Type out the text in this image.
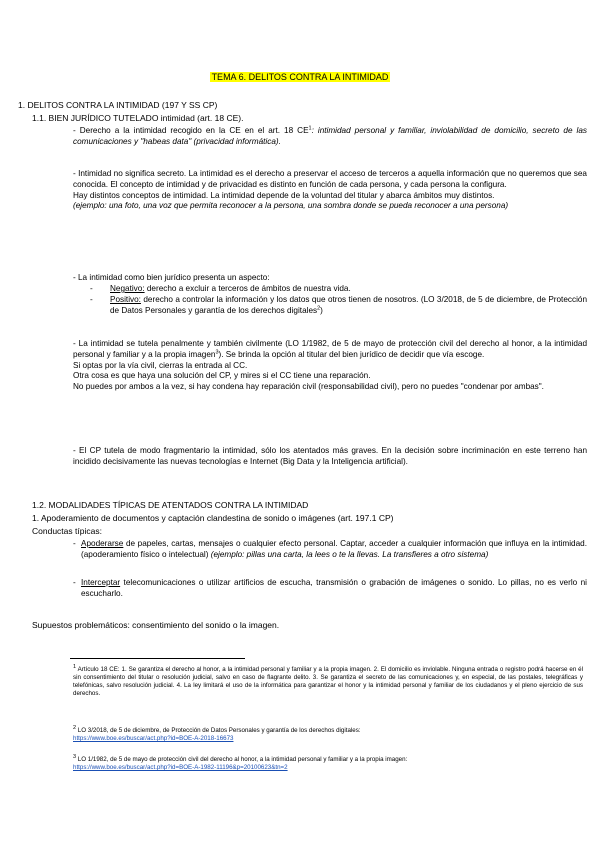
TEMA 6. DELITOS CONTRA LA INTIMIDAD
1. DELITOS CONTRA LA INTIMIDAD (197 Y SS CP)
1.1. BIEN JURÍDICO TUTELADO intimidad (art. 18 CE).

- Derecho a la intimidad recogido en la CE en el art. 18 $CE^1$: intimidad personal y familiar, inviolabilidad de domicilio, secreto de las comunicaciones y "habeas data" (privacidad informática).

- Intimidad no significa secreto. La intimidad es el derecho a preservar el acceso de terceros a aquella información que no queremos que sea conocida. El concepto de intimidad y de privacidad es distinto en función de cada persona, y cada persona la configura.

Hay distintos conceptos de intimidad. La intimidad depende de la voluntad del titular y abarca ámbitos muy distintos.

(ejemplo: una foto, una voz que permita reconocer a la persona, una sombra donde se pueda reconocer a una persona)

- La intimidad como bien jurídico presenta un aspecto:

-	Negativo: derecho a excluir a terceros de ámbitos de nuestra vida.
-	Positivo: derecho a controlar la información y los datos que otros tienen de nosotros. (LO 3/2018, de 5 de diciembre, de Protección de Datos Personales y garantía de los derechos digitales$^2$)

- La intimidad se tutela penalmente y también civilmente (LO 1/1982, de 5 de mayo de protección civil del derecho al honor, a la intimidad personal y familiar y a la propia imagen$^3$). Se brinda la opción al titular del bien jurídico de decidir que vía escoge.

Si optas por la vía civil, cierras la entrada al CC.

Otra cosa es que haya una solución del CP, y mires si el CC tiene una reparación.

No puedes por ambos a la vez, si hay condena hay reparación civil (responsabilidad civil), pero no puedes "condenar por ambas".

- El CP tutela de modo fragmentario la intimidad, sólo los atentados más graves. En la decisión sobre incriminación en este terreno han incidido decisivamente las nuevas tecnologías e Internet (Big Data y la Inteligencia artificial).

1.2. MODALIDADES TÍPICAS DE ATENTADOS CONTRA LA INTIMIDAD
1. Apoderamiento de documentos y captación clandestina de sonido o imágenes (art. 197.1 CP)
Conductas típicas:
- Apoderarse de papeles, cartas, mensajes o cualquier efecto personal. Captar, acceder a cualquier información que influya en la intimidad. (apoderamiento físico o intelectual) (ejemplo: pillas una carta, la lees o te la llevas. La transfieres a otro sistema)
- Interceptar telecomunicaciones o utilizar artificios de escucha, transmisión o grabación de imágenes o sonido. Lo pillas, no es verlo ni escucharlo.
Supuestos problemáticos: consentimiento del sonido o la imagen.
$^1$ Artículo 18 CE: 1. Se garantiza el derecho al honor, a la intimidad personal y familiar y a la propia imagen. 2. El domicilio es inviolable. Ninguna entrada o registro podrá hacerse en él sin consentimiento del titular o resolución judicial, salvo en caso de flagrante delito. 3. Se garantiza el secreto de las comunicaciones y, en especial, de las postales, telegráficas y telefónicas, salvo resolución judicial. 4. La ley limitará el uso de la informática para garantizar el honor y la intimidad personal y familiar de los ciudadanos y el pleno ejercicio de sus derechos.
$^2$ LO 3/2018, de 5 de diciembre, de Protección de Datos Personales y garantía de los derechos digitales:
https://www.boe.es/buscar/act.php?id=BOE-A-2018-16673
$^3$ LO 1/1982, de 5 de mayo de protección civil del derecho al honor, a la intimidad personal y familiar y a la propia imagen:
https://www.boe.es/buscar/act.php?id=BOE-A-1982-11196&p=20100623&tn=2
